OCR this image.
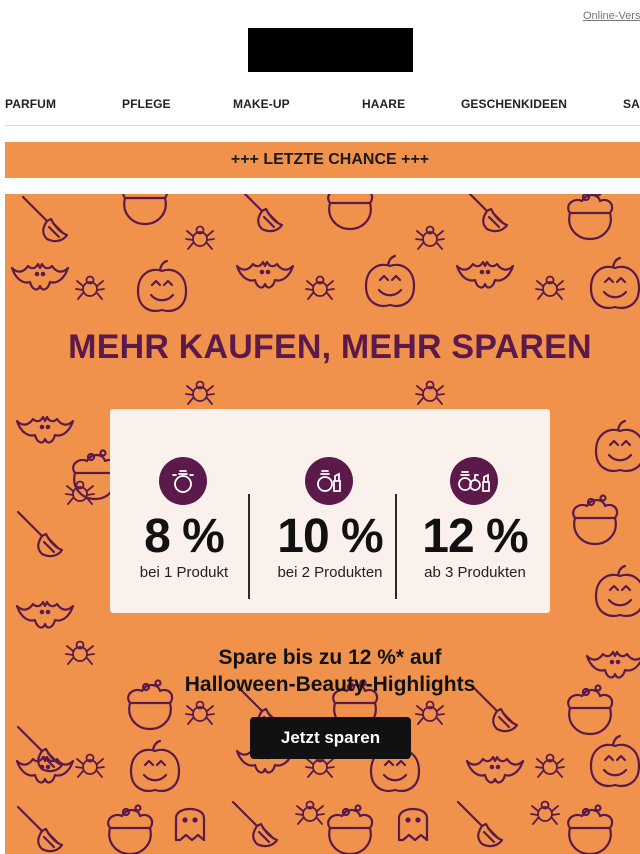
Online-Vers
PARFUM	PFLEGE	MAKE-UP	HAARE	GESCHENKIDEEN	SA
+++ LETZTE CHANCE +++
MEHR KAUFEN, MEHR SPAREN
8 %
bei 1 Produkt
10 %
bei 2 Produkten
12 %
ab 3 Produkten
Spare bis zu 12 %* auf
Halloween-Beauty-Highlights
Jetzt sparen
